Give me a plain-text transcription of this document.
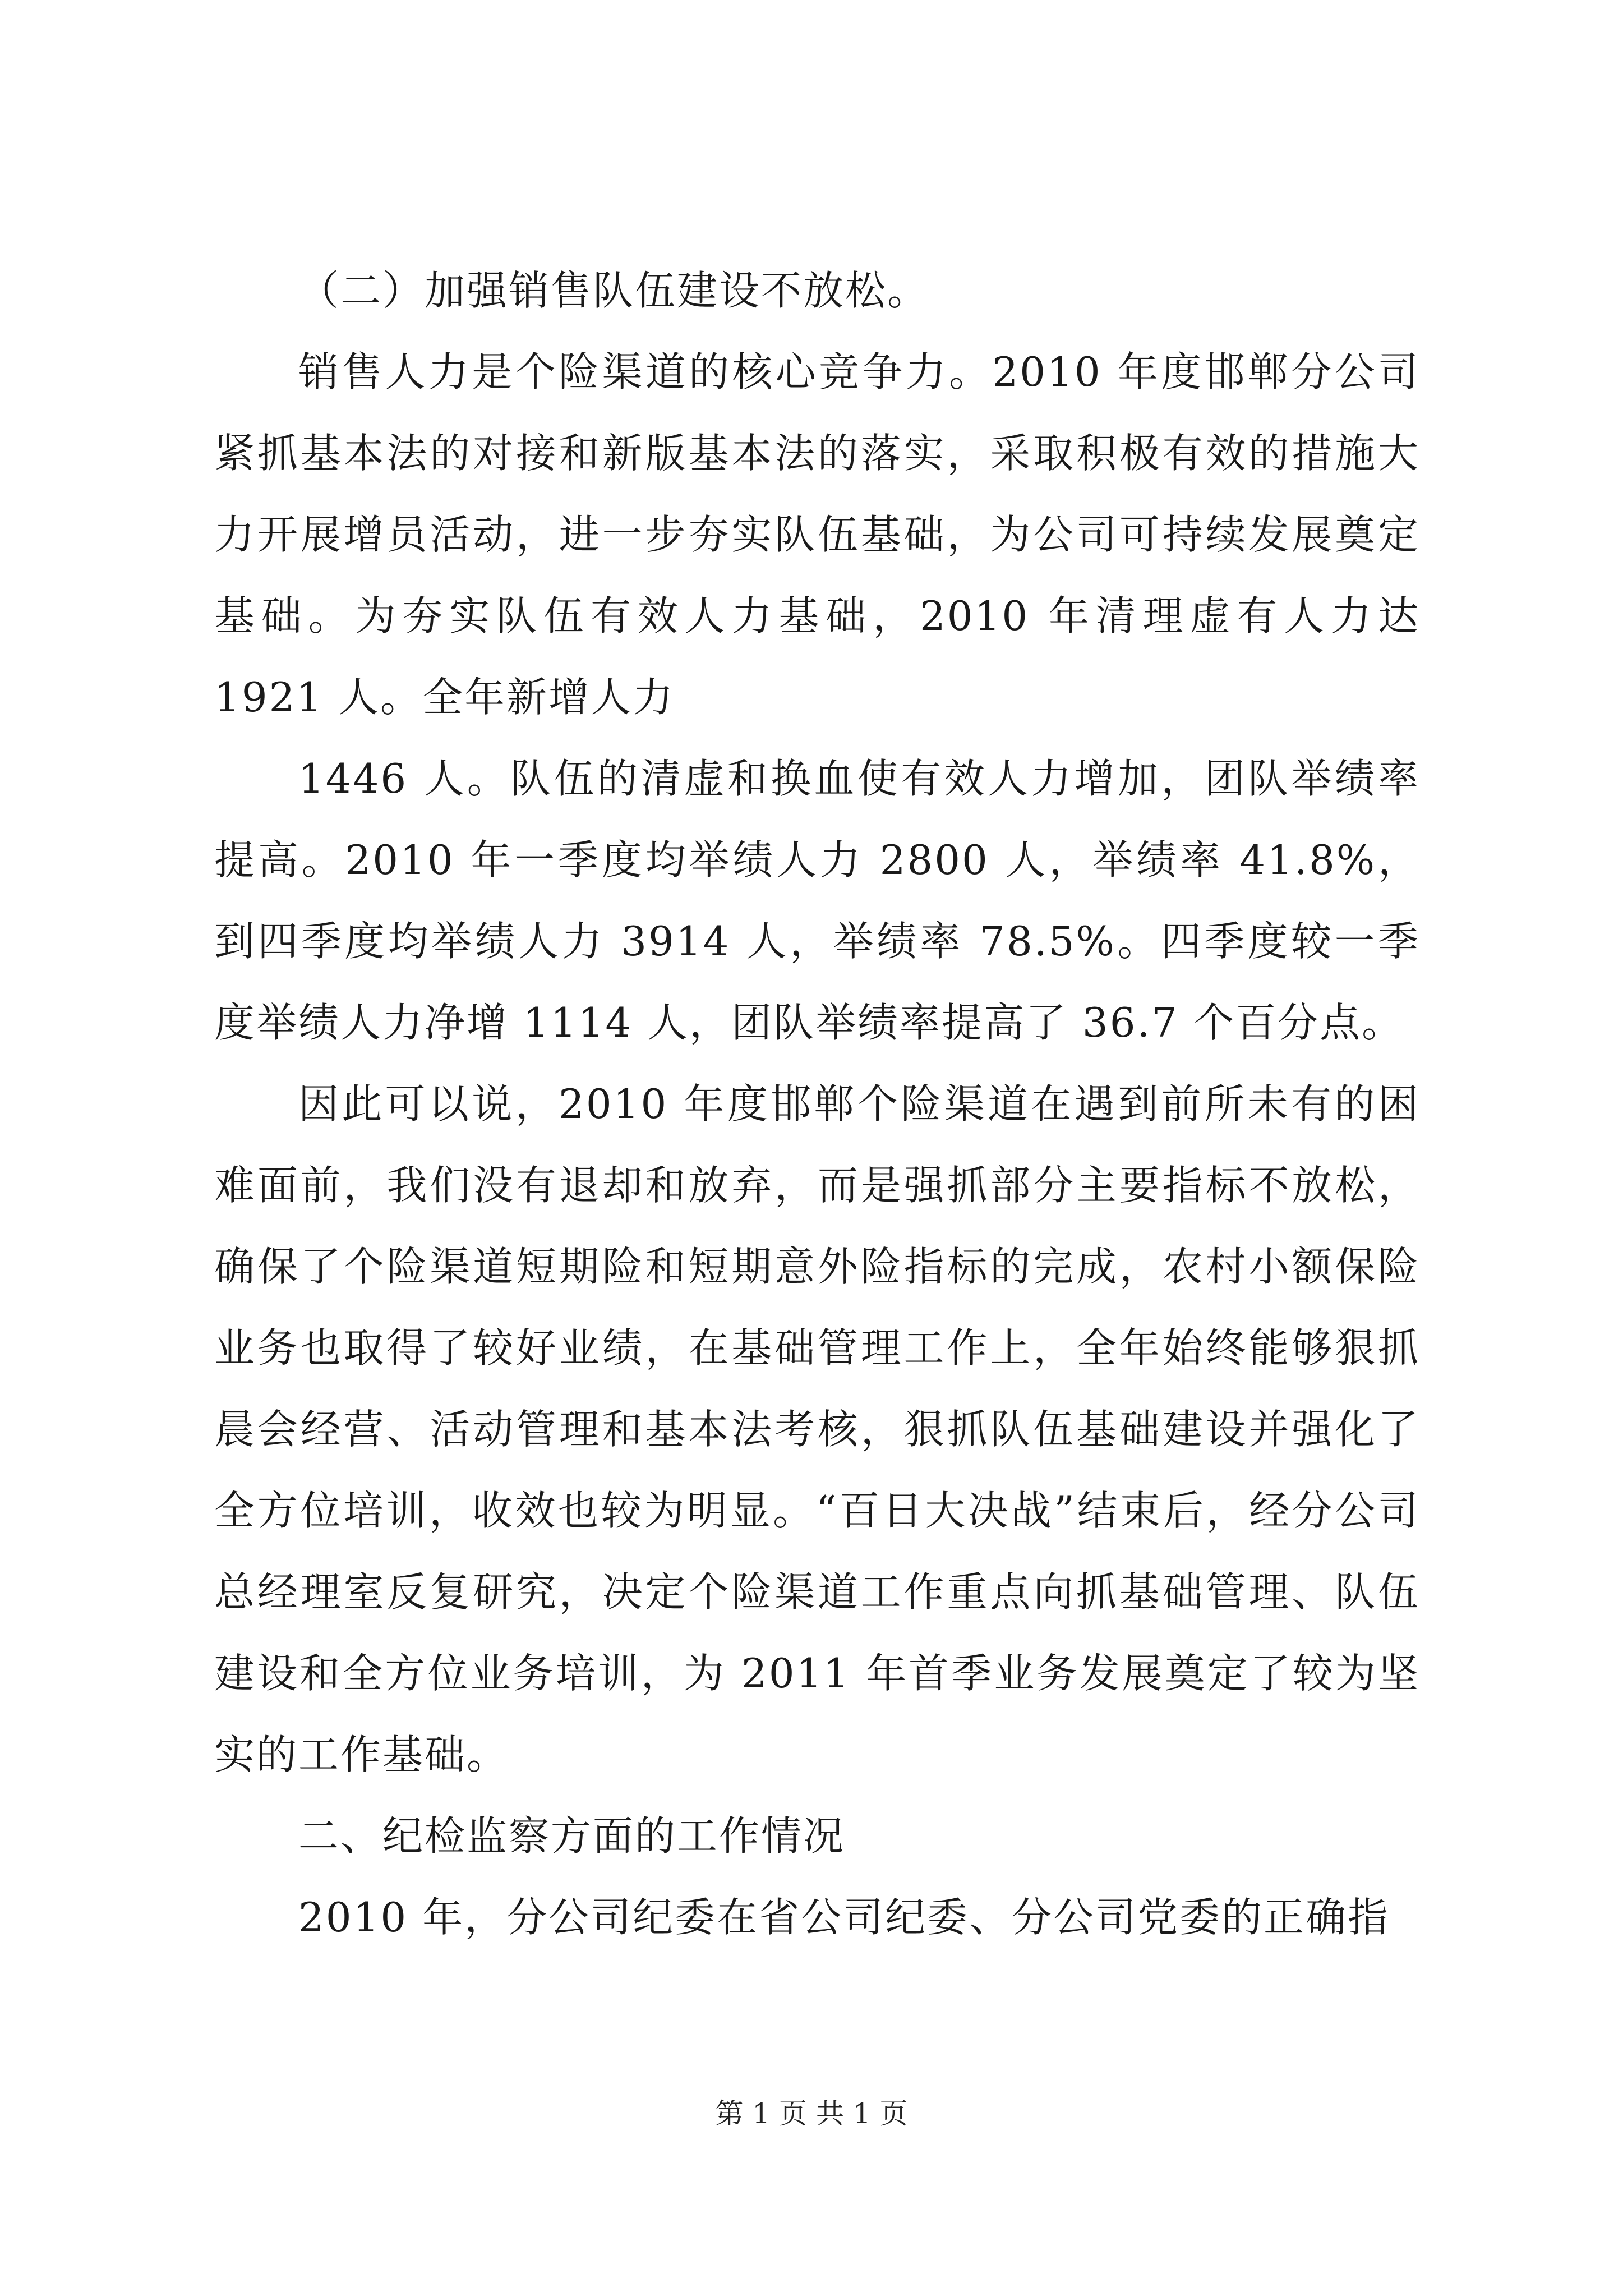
（二）加强销售队伍建设不放松。

销售人力是个险渠道的核心竞争力。2010 年度邯郸分公司紧抓基本法的对接和新版基本法的落实，采取积极有效的措施大力开展增员活动，进一步夯实队伍基础，为公司可持续发展奠定基础。为夯实队伍有效人力基础，2010 年清理虚有人力达 1921 人。全年新增人力

1446 人。队伍的清虚和换血使有效人力增加，团队举绩率提高。2010 年一季度均举绩人力 2800 人，举绩率 41.8%，到四季度均举绩人力 3914 人，举绩率 78.5%。四季度较一季度举绩人力净增 1114 人，团队举绩率提高了 36.7 个百分点。

因此可以说，2010 年度邯郸个险渠道在遇到前所未有的困难面前，我们没有退却和放弃，而是强抓部分主要指标不放松，确保了个险渠道短期险和短期意外险指标的完成，农村小额保险业务也取得了较好业绩，在基础管理工作上，全年始终能够狠抓晨会经营、活动管理和基本法考核，狠抓队伍基础建设并强化了全方位培训，收效也较为明显。“百日大决战”结束后，经分公司总经理室反复研究，决定个险渠道工作重点向抓基础管理、队伍建设和全方位业务培训，为 2011 年首季业务发展奠定了较为坚实的工作基础。

二、纪检监察方面的工作情况

2010 年，分公司纪委在省公司纪委、分公司党委的正确指

第 1 页 共 1 页
